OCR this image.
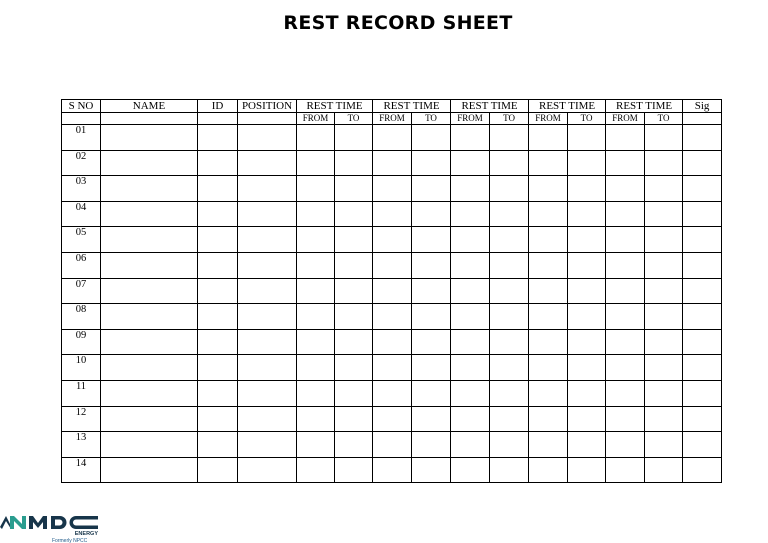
REST RECORD SHEET
S NO	NAME	ID	POSITION	REST TIME		REST TIME		REST TIME		REST TIME		REST TIME		Sig
				FROM	TO	FROM	TO	FROM	TO	FROM	TO	FROM	TO	
01														
02														
03														
04														
05														
06														
07														
08														
09														
10														
11														
12														
13														
14														
ENERGY
Formerly NPCC
